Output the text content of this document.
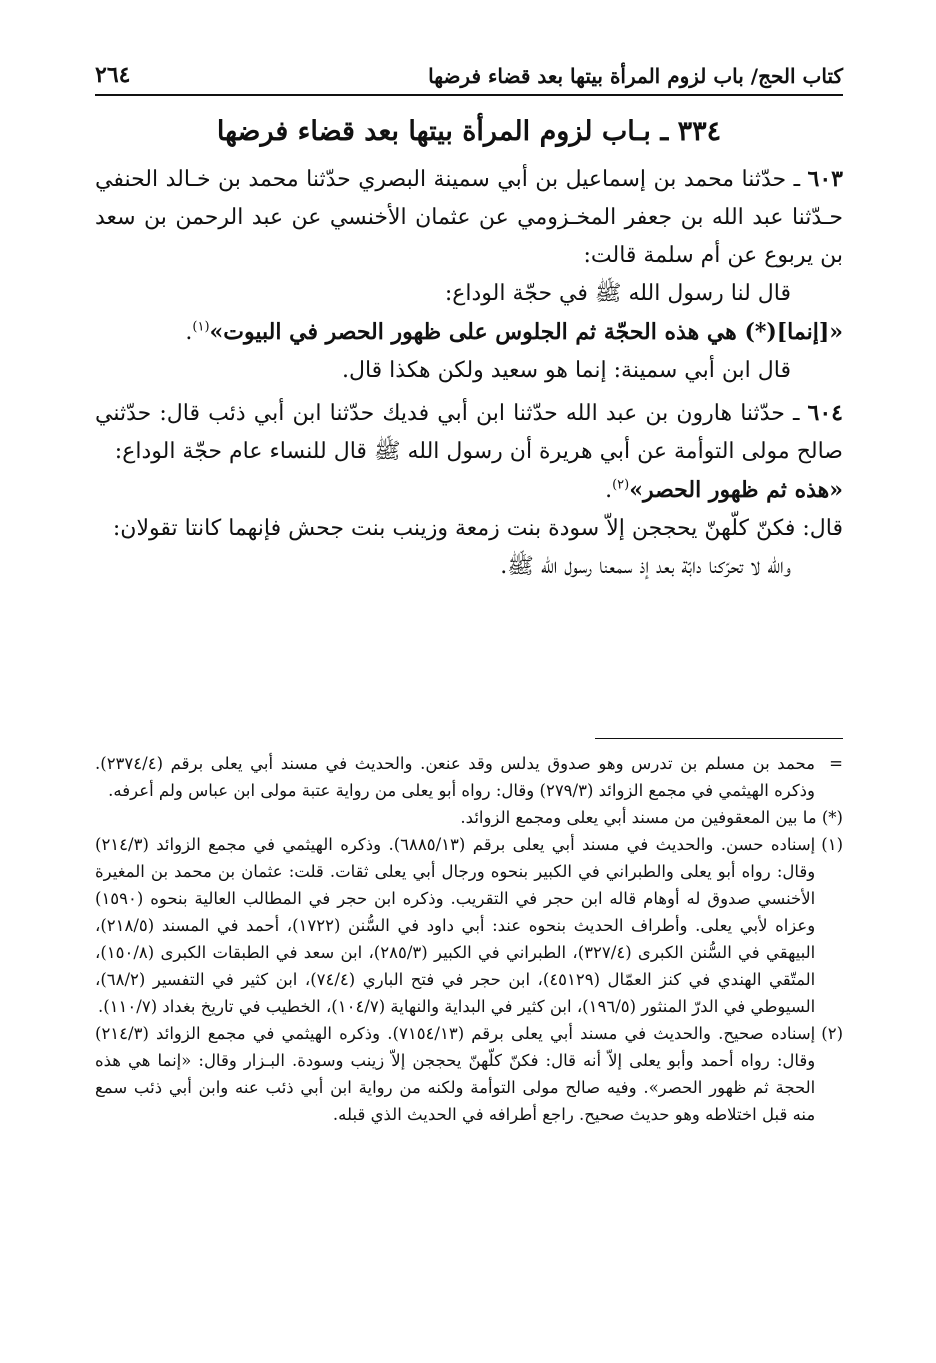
كتاب الحج/ باب لزوم المرأة بيتها بعد قضاء فرضها
٢٦٤
٣٣٤ ـ بـاب لزوم المرأة بيتها بعد قضاء فرضها

٦٠٣ ـ حدّثنا محمد بن إسماعيل بن أبي سمينة البصري حدّثنا محمد بن خـالد الحنفي حـدّثنا عبد الله بن جعفر المخـزومي عن عثمان الأخنسي عن عبد الرحمن بن سعد بن يربوع عن أم سلمة قالت:

قال لنا رسول الله ﷺ في حجّة الوداع:

«[إنما](*) هي هذه الحجّة ثم الجلوس على ظهور الحصر في البيوت»$^{(١)}$.

قال ابن أبي سمينة: إنما هو سعيد ولكن هكذا قال.

٦٠٤ ـ حدّثنا هارون بن عبد الله حدّثنا ابن أبي فديك حدّثنا ابن أبي ذئب قال: حدّثني صالح مولى التوأمة عن أبي هريرة أن رسول الله ﷺ قال للنساء عام حجّة الوداع:

«هذه ثم ظهور الحصر»$^{(٢)}$.

قال: فكنّ كلّهنّ يحججن إلاّ سودة بنت زمعة وزينب بنت جحش فإنهما كانتا تقولان:

والله لا تحرّكنا دابّة بعد إذ سمعنا رسول الله ﷺ.

=
محمد بن مسلم بن تدرس وهو صدوق يدلس وقد عنعن. والحديث في مسند أبي يعلى برقم (٢٣٧٤/٤). وذكره الهيثمي في مجمع الزوائد (٢٧٩/٣) وقال: رواه أبو يعلى من رواية عتبة مولى ابن عباس ولم أعرفه.

(*) ما بين المعقوفين من مسند أبي يعلى ومجمع الزوائد.

(١)
إسناده حسن. والحديث في مسند أبي يعلى برقم (٦٨٨٥/١٣). وذكره الهيثمي في مجمع الزوائد (٢١٤/٣) وقال: رواه أبو يعلى والطبراني في الكبير بنحوه ورجال أبي يعلى ثقات. قلت: عثمان بن محمد بن المغيرة الأخنسي صدوق له أوهام قاله ابن حجر في التقريب. وذكره ابن حجر في المطالب العالية بنحوه (١٥٩٠) وعزاه لأبي يعلى. وأطراف الحديث بنحوه عند: أبي داود في السُّنن (١٧٢٢)، أحمد في المسند (٢١٨/٥)، البيهقي في السُّنن الكبرى (٣٢٧/٤)، الطبراني في الكبير (٢٨٥/٣)، ابن سعد في الطبقات الكبرى (١٥٠/٨)، المتّقي الهندي في كنز العمّال (٤٥١٢٩)، ابن حجر في فتح الباري (٧٤/٤)، ابن كثير في التفسير (٦٨/٢)، السيوطي في الدرّ المنثور (١٩٦/٥)، ابن كثير في البداية والنهاية (١٠٤/٧)، الخطيب في تاريخ بغداد (١١٠/٧).
(٢)
إسناده صحيح. والحديث في مسند أبي يعلى برقم (٧١٥٤/١٣). وذكره الهيثمي في مجمع الزوائد (٢١٤/٣) وقال: رواه أحمد وأبو يعلى إلاّ أنه قال: فكنّ كلّهنّ يحججن إلاّ زينب وسودة. البـزار وقال: «إنما هي هذه الحجة ثم ظهور الحصر». وفيه صالح مولى التوأمة ولكنه من رواية ابن أبي ذئب عنه وابن أبي ذئب سمع منه قبل اختلاطه وهو حديث صحيح. راجع أطرافه في الحديث الذي قبله.
